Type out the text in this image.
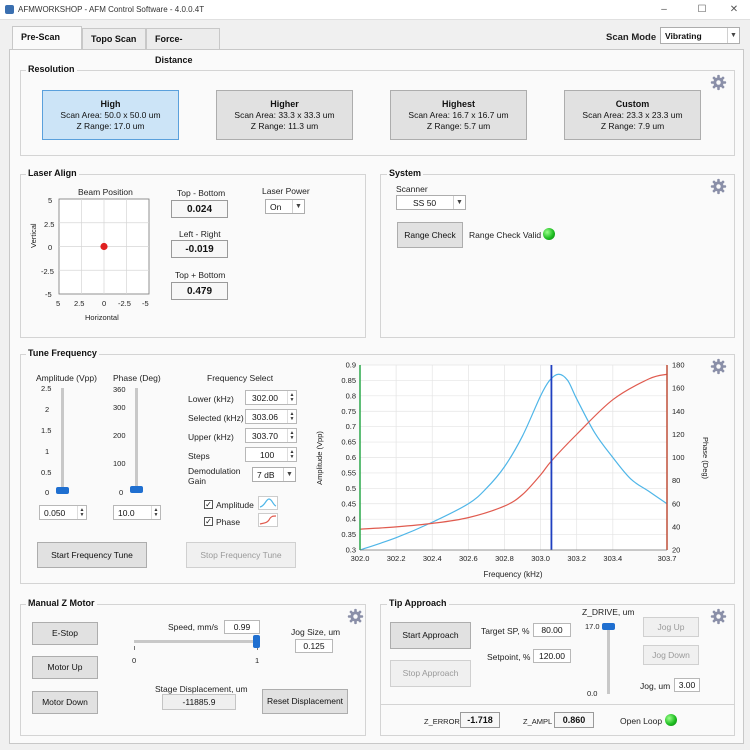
AFMWORKSHOP - AFM Control Software - 4.0.0.4T	–	☐	✕
Pre-Scan	Topo Scan	Force-Distance
Scan Mode Vibrating	▼
Resolution
High
Scan Area: 50.0 x 50.0 um
Z Range: 17.0 um
Higher
Scan Area: 33.3 x 33.3 um
Z Range: 11.3 um
Highest
Scan Area: 16.7 x 16.7 um
Z Range: 5.7 um
Custom
Scan Area: 23.3 x 23.3 um
Z Range: 7.9 um
Laser Align
Beam Position
5
2.5
0
-2.5
-5
Vertical
5 2.5 0 -2.5 -5
Horizontal
Top - Bottom
0.024
Left - Right
-0.019
Top + Bottom
0.479
Laser Power
On	▼
System
Scanner
SS 50	▼
Range Check	Range Check Valid
Tune Frequency
Amplitude (Vpp)
2.5
2
1.5
1
0.5
0
0.050	▲
▼
Phase (Deg)
360
300
200
100
0
10.0	▲
▼
Frequency Select
Lower (kHz) 302.00	▲
▼
Selected (kHz) 303.06	▲
▼
Upper (kHz) 303.70	▲
▼
Steps	100	▲
▼
Demodulation
Gain
7 dB	▼
✓ Amplitude
✓ Phase
Start Frequency Tune	Stop Frequency Tune	302.0 302.2 302.4 302.6 302.8 303.0 303.2 303.4	303.7
0.9
0.85
0.8
0.75
0.7
0.65
0.6
0.55
0.5
0.45
0.4
0.35
0.3
180
160
140
120
100
80
60
40
20
Amplitude (Vpp)	Phase (Deg)
Frequency (kHz)
Manual Z Motor
E-Stop
Motor Up
Motor Down
Speed, mm/s	0.99
0	1
Jog Size, um
0.125
Stage Displacement, um
-11885.9	Reset Displacement
Tip Approach
Start Approach
Stop Approach
Target SP, %	80.00
Setpoint, %	120.00
Z_DRIVE, um
17.0
0.0
Jog Up
Jog Down
Jog, um 3.00
Z_ERROR -1.718	Z_AMPL	0.860	Open Loop
